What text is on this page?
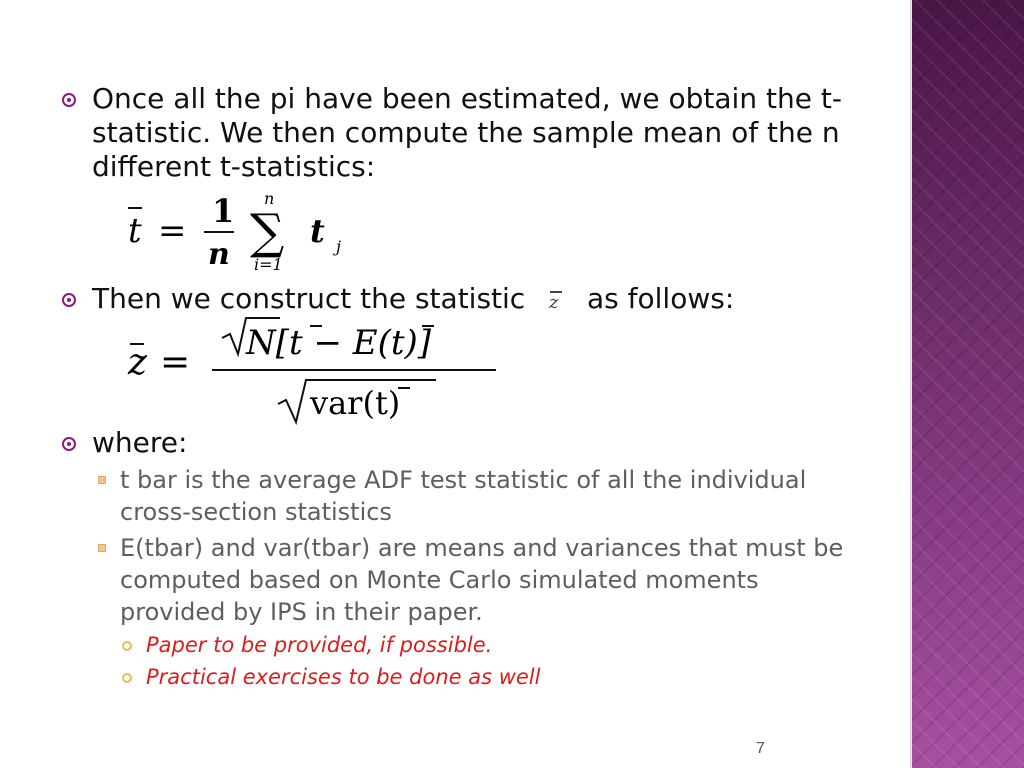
Once all the pi have been estimated, we obtain the t-statistic. We then compute the sample mean of the n different t-statistics:
t = 1
n
n
∑
i=1
t j
Then we construct the statistic z as follows:
z = N[t − E(t)]
var(t)
where:
t bar is the average ADF test statistic of all the individual cross-section statistics
E(tbar) and var(tbar) are means and variances that must be computed based on Monte Carlo simulated moments provided by IPS in their paper.
Paper to be provided, if possible.
Practical exercises to be done as well
7
